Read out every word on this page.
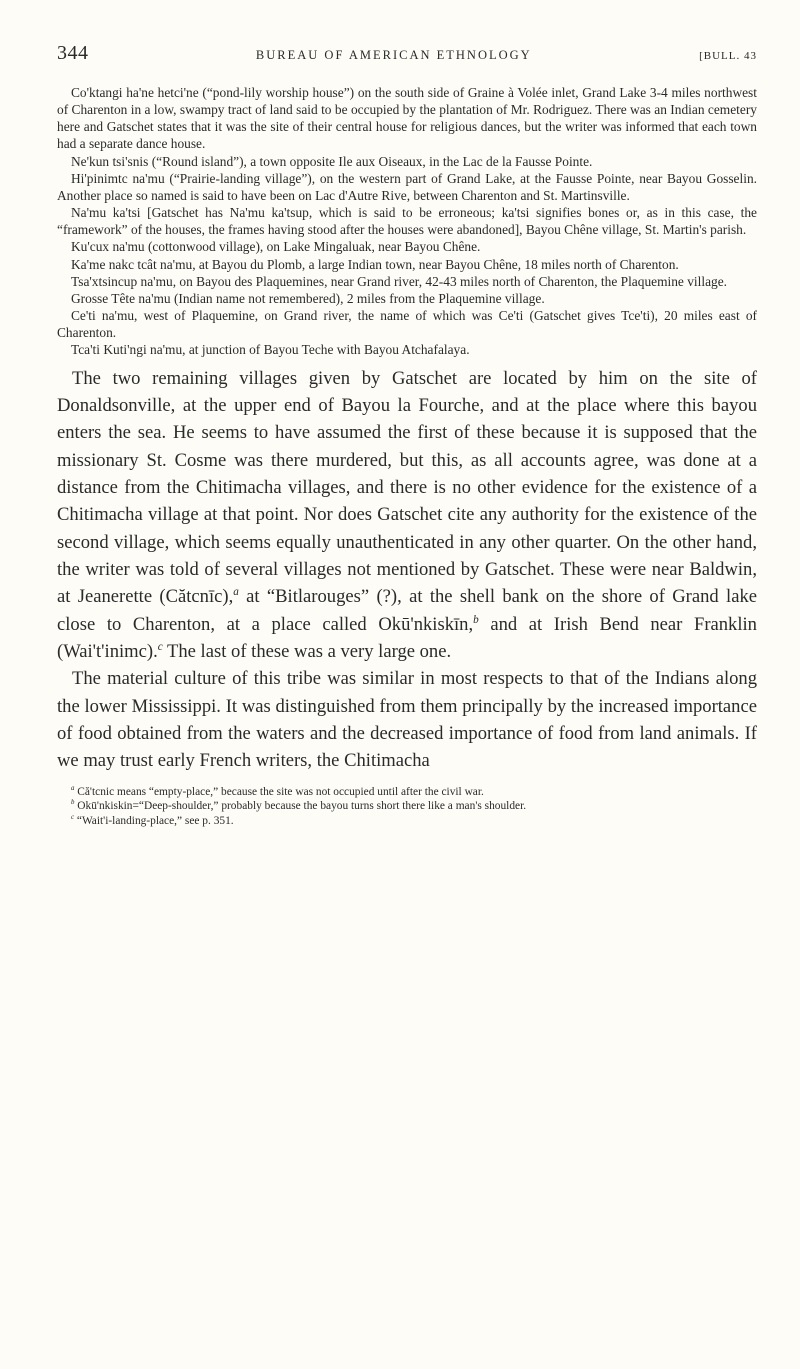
344	BUREAU OF AMERICAN ETHNOLOGY	[BULL. 43

Co'ktangi ha'ne hetci'ne (“pond-lily worship house”) on the south side of Graine à Volée inlet, Grand Lake 3-4 miles northwest of Charenton in a low, swampy tract of land said to be occupied by the plantation of Mr. Rodriguez. There was an Indian cemetery here and Gatschet states that it was the site of their central house for religious dances, but the writer was informed that each town had a separate dance house.

Ne'kun tsi'snis (“Round island”), a town opposite Ile aux Oiseaux, in the Lac de la Fausse Pointe.

Hi'pinimtc na'mu (“Prairie-landing village”), on the western part of Grand Lake, at the Fausse Pointe, near Bayou Gosselin. Another place so named is said to have been on Lac d'Autre Rive, between Charenton and St. Martinsville.

Na'mu ka'tsi [Gatschet has Na'mu ka'tsup, which is said to be erroneous; ka'tsi signifies bones or, as in this case, the “framework” of the houses, the frames having stood after the houses were abandoned], Bayou Chêne village, St. Martin's parish.

Ku'cux na'mu (cottonwood village), on Lake Mingaluak, near Bayou Chêne.

Ka'me nakc tcât na'mu, at Bayou du Plomb, a large Indian town, near Bayou Chêne, 18 miles north of Charenton.

Tsa'xtsincup na'mu, on Bayou des Plaquemines, near Grand river, 42-43 miles north of Charenton, the Plaquemine village.

Grosse Tête na'mu (Indian name not remembered), 2 miles from the Plaquemine village.

Ce'ti na'mu, west of Plaquemine, on Grand river, the name of which was Ce'ti (Gatschet gives Tce'ti), 20 miles east of Charenton.

Tca'ti Kuti'ngi na'mu, at junction of Bayou Teche with Bayou Atchafalaya.

The two remaining villages given by Gatschet are located by him on the site of Donaldsonville, at the upper end of Bayou la Fourche, and at the place where this bayou enters the sea. He seems to have assumed the first of these because it is supposed that the missionary St. Cosme was there murdered, but this, as all accounts agree, was done at a distance from the Chitimacha villages, and there is no other evidence for the existence of a Chitimacha village at that point. Nor does Gatschet cite any authority for the existence of the second village, which seems equally unauthenticated in any other quarter. On the other hand, the writer was told of several villages not mentioned by Gatschet. These were near Baldwin, at Jeanerette (Cătcnīc),$^a$ at “Bitlarouges” (?), at the shell bank on the shore of Grand lake close to Charenton, at a place called Okū'nkiskīn,$^b$ and at Irish Bend near Franklin (Wai't'inimc).$^c$ The last of these was a very large one.

The material culture of this tribe was similar in most respects to that of the Indians along the lower Mississippi. It was distinguished from them principally by the increased importance of food obtained from the waters and the decreased importance of food from land animals. If we may trust early French writers, the Chitimacha

$^a$ Că'tcnic means “empty-place,” because the site was not occupied until after the civil war.

$^b$ Okū'nkiskin=“Deep-shoulder,” probably because the bayou turns short there like a man's shoulder.

$^c$ “Wait'i-landing-place,” see p. 351.
